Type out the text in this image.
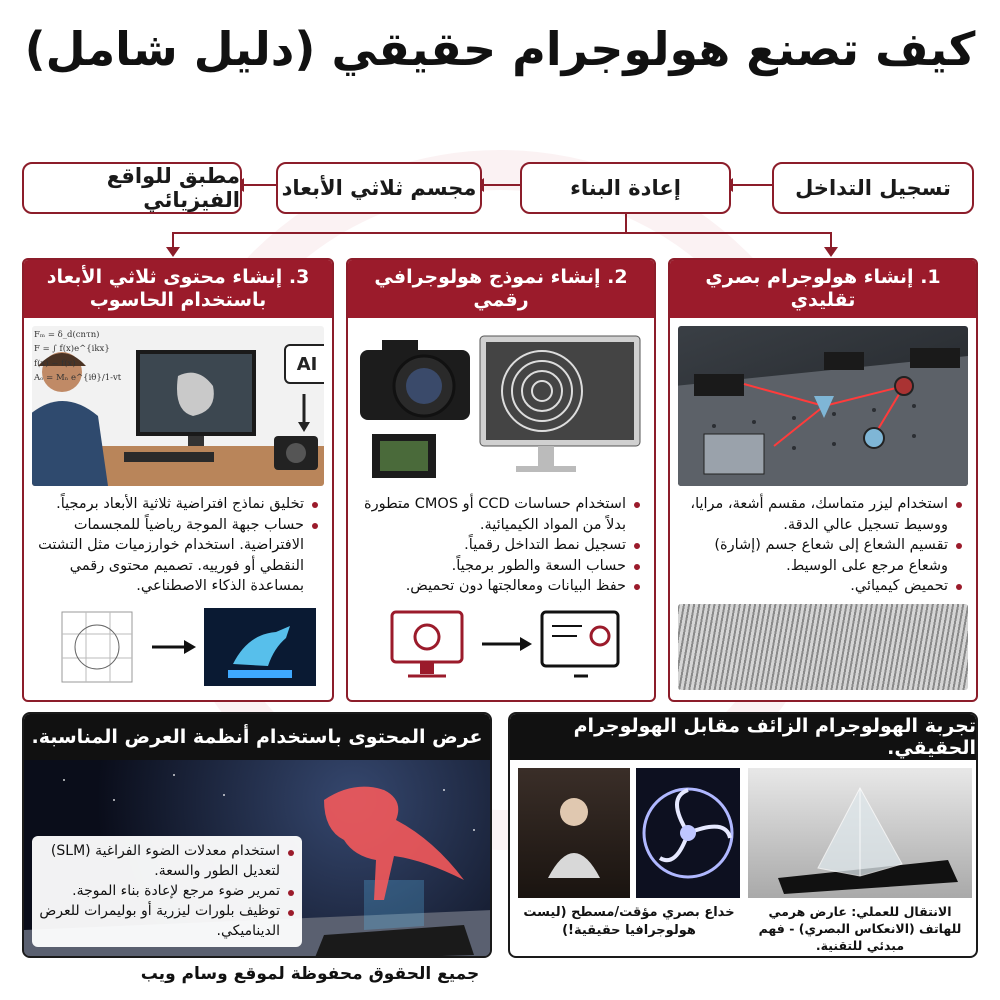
كيف تصنع هولوجرام حقيقي (دليل شامل)
تسجيل التداخل
إعادة البناء
مجسم ثلاثي الأبعاد
مطبق للواقع الفيزيائي
1. إنشاء هولوجرام بصري تقليدي
استخدام ليزر متماسك، مقسم أشعة، مرايا، ووسيط تسجيل عالي الدقة.
تقسيم الشعاع إلى شعاع جسم (إشارة) وشعاع مرجع على الوسيط.
تحميض كيميائي.
2. إنشاء نموذج هولوجرافي رقمي
استخدام حساسات CCD أو CMOS متطورة بدلاً من المواد الكيميائية.
تسجيل نمط التداخل رقمياً.
حساب السعة والطور برمجياً.
حفظ البيانات ومعالجتها دون تحميض.
3. إنشاء محتوى ثلاثي الأبعاد باستخدام الحاسوب
Fₘ = δ_d(cnτn)
F = ∫ f(x)e^{ikx}
f(x) ~ f(x)
Aₒ = Mₙ e^{iθ}/1-vt
AI
تخليق نماذج افتراضية ثلاثية الأبعاد برمجياً.
حساب جبهة الموجة رياضياً للمجسمات الافتراضية. استخدام خوارزميات مثل التشتت النقطي أو فورييه. تصميم محتوى رقمي بمساعدة الذكاء الاصطناعي.
عرض المحتوى باستخدام أنظمة العرض المناسبة.
استخدام معدلات الضوء الفراغية (SLM) لتعديل الطور والسعة.
تمرير ضوء مرجع لإعادة بناء الموجة.
توظيف بلورات ليزرية أو بوليمرات للعرض الديناميكي.
تجربة الهولوجرام الزائف مقابل الهولوجرام الحقيقي.
خداع بصري مؤقت/مسطح (ليست هولوجرافيا حقيقية!)
الانتقال للعملي: عارض هرمي للهاتف (الانعكاس البصري) - فهم مبدئي للتقنية.
جميع الحقوق محفوظة لموقع وسام ويب
